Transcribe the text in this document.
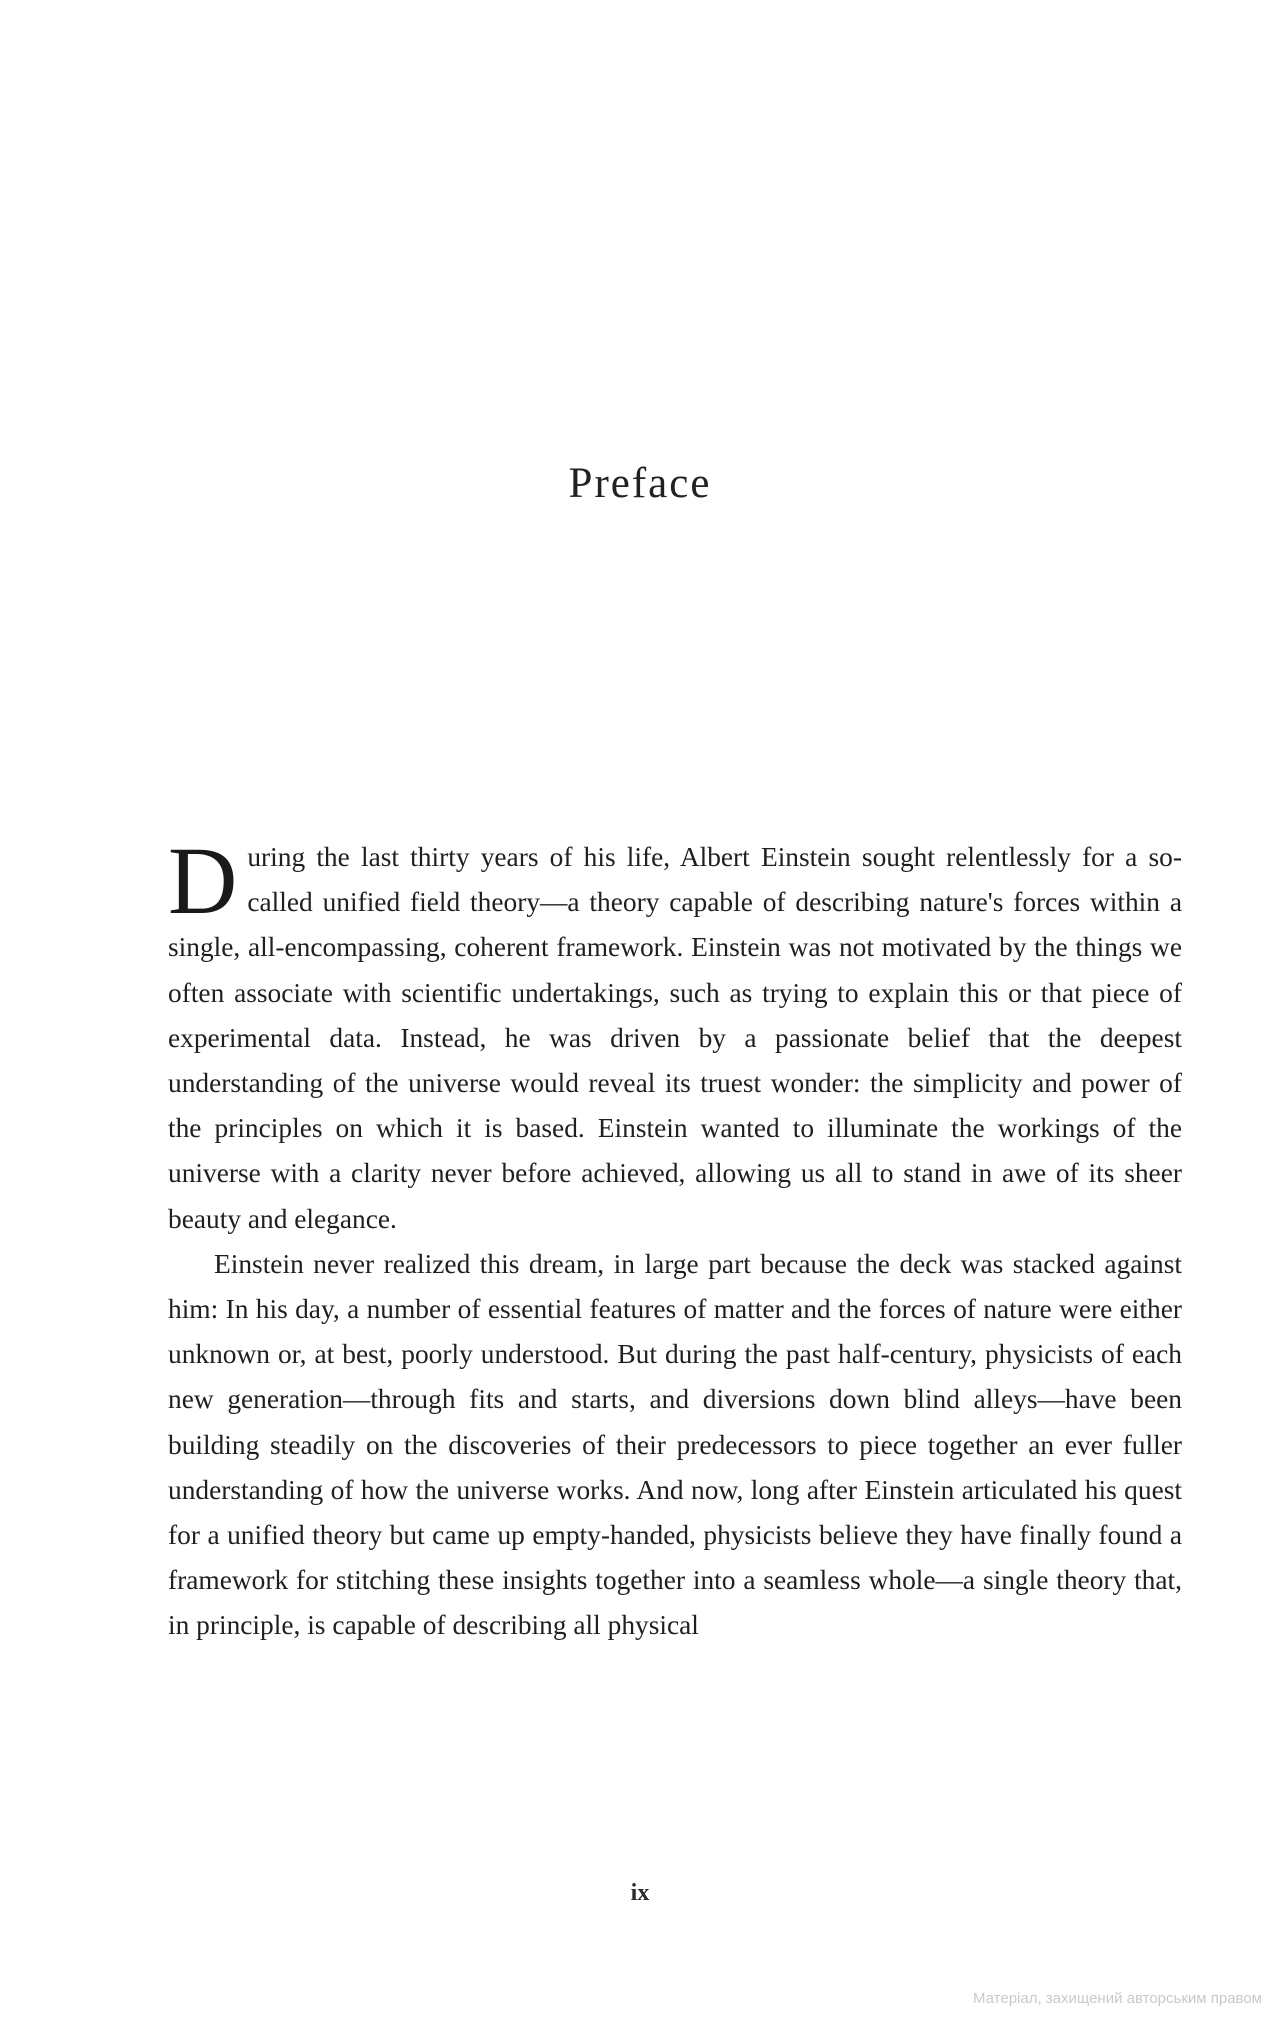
Preface

During the last thirty years of his life, Albert Einstein sought relentlessly for a so-called unified field theory—a theory capable of describing nature's forces within a single, all-encompassing, coherent framework. Einstein was not motivated by the things we often associate with scientific undertakings, such as trying to explain this or that piece of experimental data. Instead, he was driven by a passionate belief that the deepest understanding of the universe would reveal its truest wonder: the simplicity and power of the principles on which it is based. Einstein wanted to illuminate the workings of the universe with a clarity never before achieved, allowing us all to stand in awe of its sheer beauty and elegance.

Einstein never realized this dream, in large part because the deck was stacked against him: In his day, a number of essential features of matter and the forces of nature were either unknown or, at best, poorly understood. But during the past half-century, physicists of each new generation—through fits and starts, and diversions down blind alleys—have been building steadily on the discoveries of their predecessors to piece together an ever fuller understanding of how the universe works. And now, long after Einstein articulated his quest for a unified theory but came up empty-handed, physicists believe they have finally found a framework for stitching these insights together into a seamless whole—a single theory that, in principle, is capable of describing all physical

ix
Матеріал, захищений авторським правом
